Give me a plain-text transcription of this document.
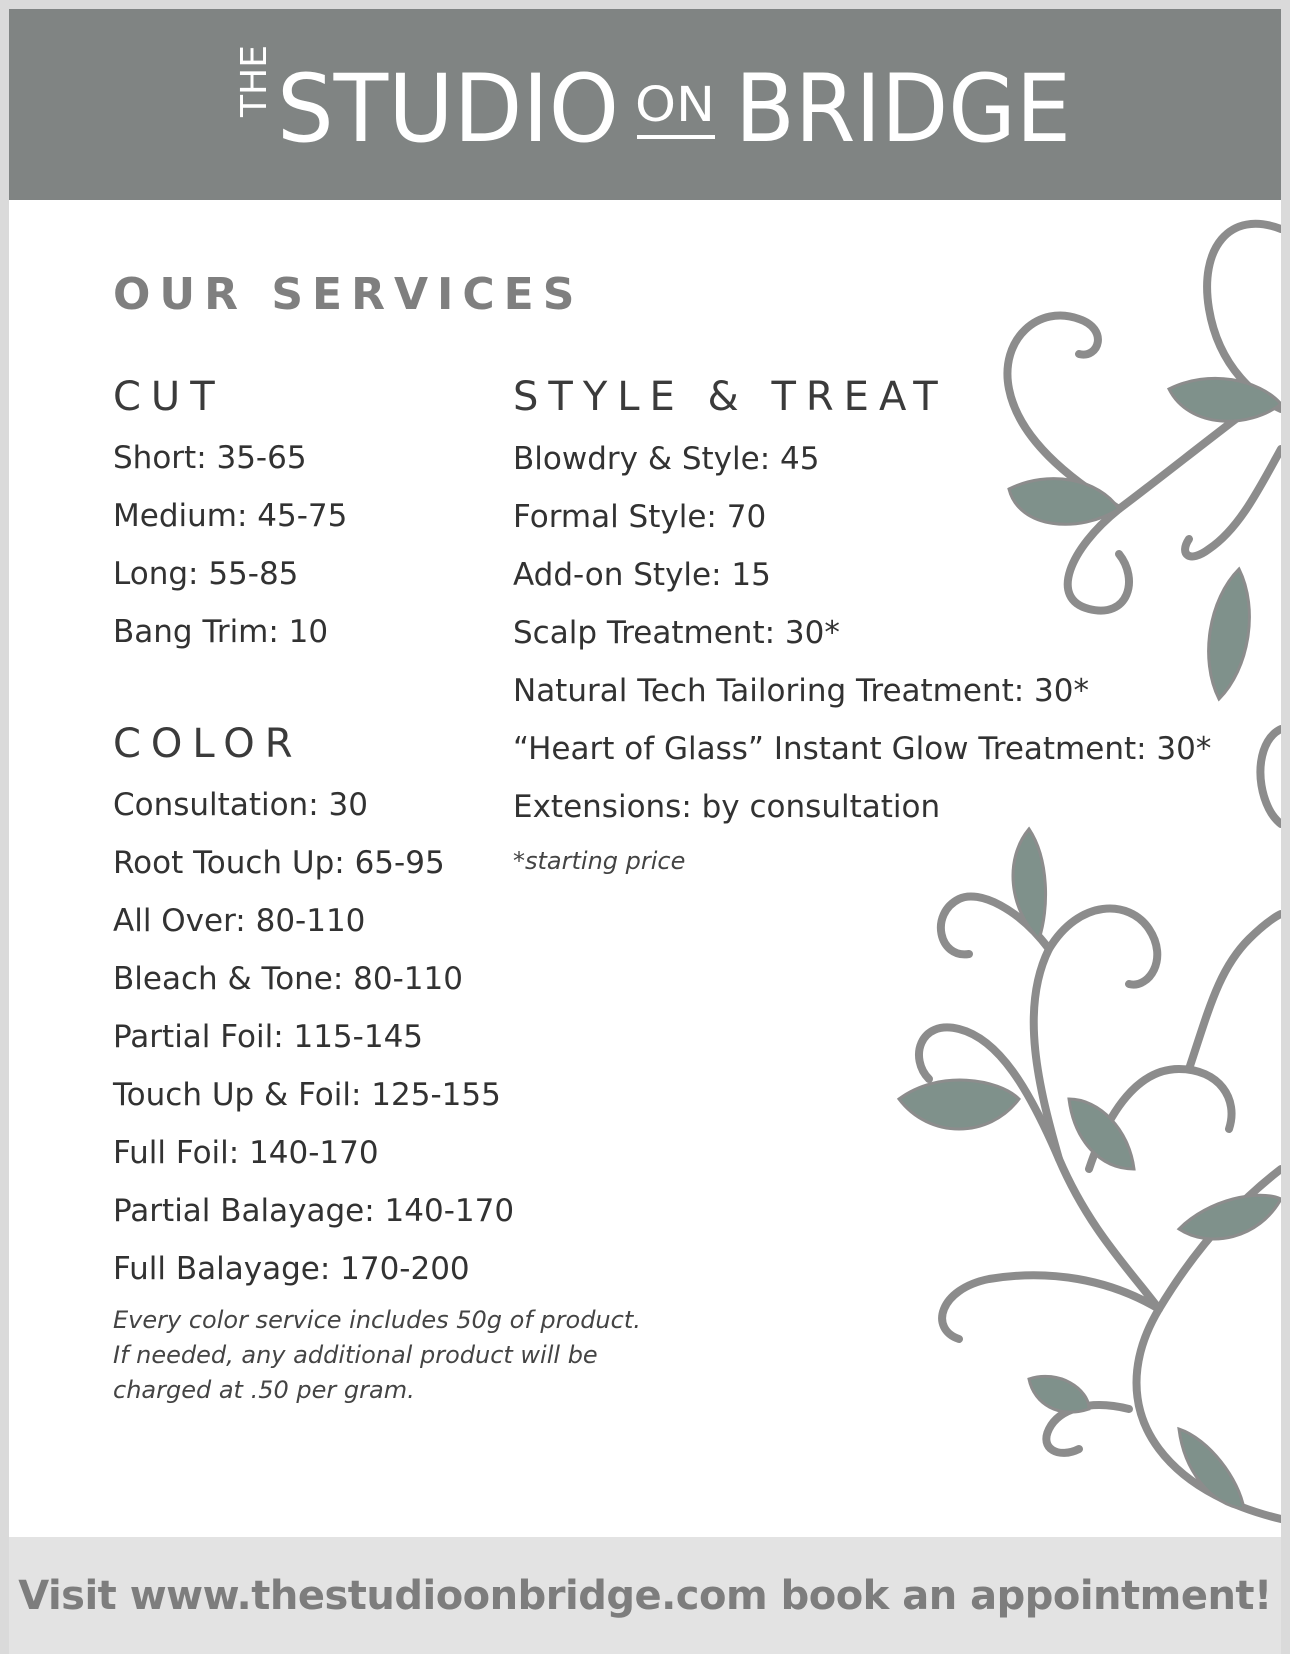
THE STUDIO ON BRIDGE
OUR SERVICES
CUT
Short: 35-65
Medium: 45-75
Long: 55-85
Bang Trim: 10
COLOR
Consultation: 30
Root Touch Up: 65-95
All Over: 80-110
Bleach & Tone: 80-110
Partial Foil: 115-145
Touch Up & Foil: 125-155
Full Foil: 140-170
Partial Balayage: 140-170
Full Balayage: 170-200

Every color service includes 50g of product.
If needed, any additional product will be
charged at .50 per gram.

STYLE & TREAT
Blowdry & Style: 45
Formal Style: 70
Add-on Style: 15
Scalp Treatment: 30*
Natural Tech Tailoring Treatment: 30*
“Heart of Glass” Instant Glow Treatment: 30*
Extensions: by consultation

*starting price

Visit www.thestudioonbridge.com book an appointment!
